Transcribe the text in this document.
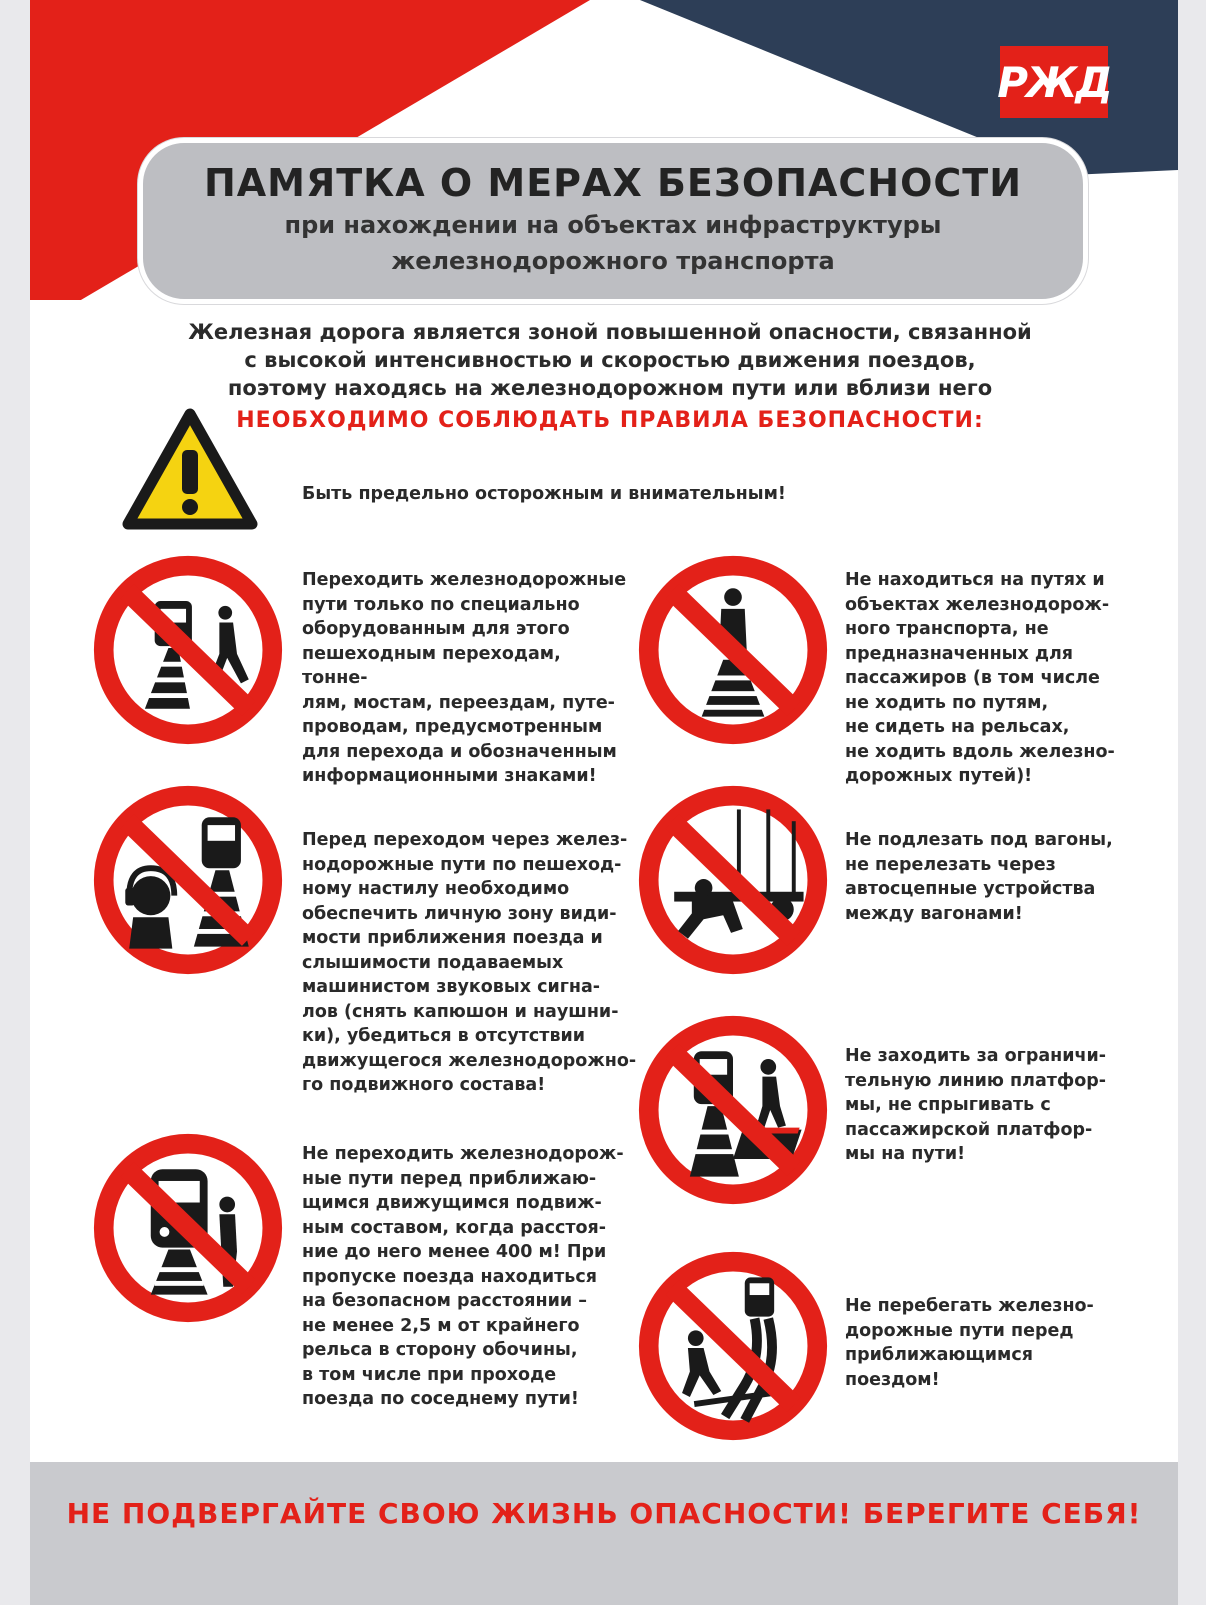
РЖД
ПАМЯТКА О МЕРАХ БЕЗОПАСНОСТИ
при нахождении на объектах инфраструктуры
железнодорожного транспорта
Железная дорога является зоной повышенной опасности, связанной
с высокой интенсивностью и скоростью движения поездов,
поэтому находясь на железнодорожном пути или вблизи него
НЕОБХОДИМО СОБЛЮДАТЬ ПРАВИЛА БЕЗОПАСНОСТИ:
Быть предельно осторожным и внимательным!
Переходить железнодорожные
пути только по специально
оборудованным для этого
пешеходным переходам, тонне-
лям, мостам, переездам, путе-
проводам, предусмотренным
для перехода и обозначенным
информационными знаками!
Не находиться на путях и
объектах железнодорож-
ного транспорта, не
предназначенных для
пассажиров (в том числе
не ходить по путям,
не сидеть на рельсах,
не ходить вдоль железно-
дорожных путей)!
Перед переходом через желез-
нодорожные пути по пешеход-
ному настилу необходимо
обеспечить личную зону види-
мости приближения поезда и
слышимости подаваемых
машинистом звуковых сигна-
лов (снять капюшон и наушни-
ки), убедиться в отсутствии
движущегося железнодорожно-
го подвижного состава!
Не подлезать под вагоны,
не перелезать через
автосцепные устройства
между вагонами!
Не заходить за ограничи-
тельную линию платфор-
мы, не спрыгивать с
пассажирской платфор-
мы на пути!
Не переходить железнодорож-
ные пути перед приближаю-
щимся движущимся подвиж-
ным составом, когда расстоя-
ние до него менее 400 м! При
пропуске поезда находиться
на безопасном расстоянии –
не менее 2,5 м от крайнего
рельса в сторону обочины,
в том числе при проходе
поезда по соседнему пути!
Не перебегать железно-
дорожные пути перед
приближающимся
поездом!
НЕ ПОДВЕРГАЙТЕ СВОЮ ЖИЗНЬ ОПАСНОСТИ! БЕРЕГИТЕ СЕБЯ!
